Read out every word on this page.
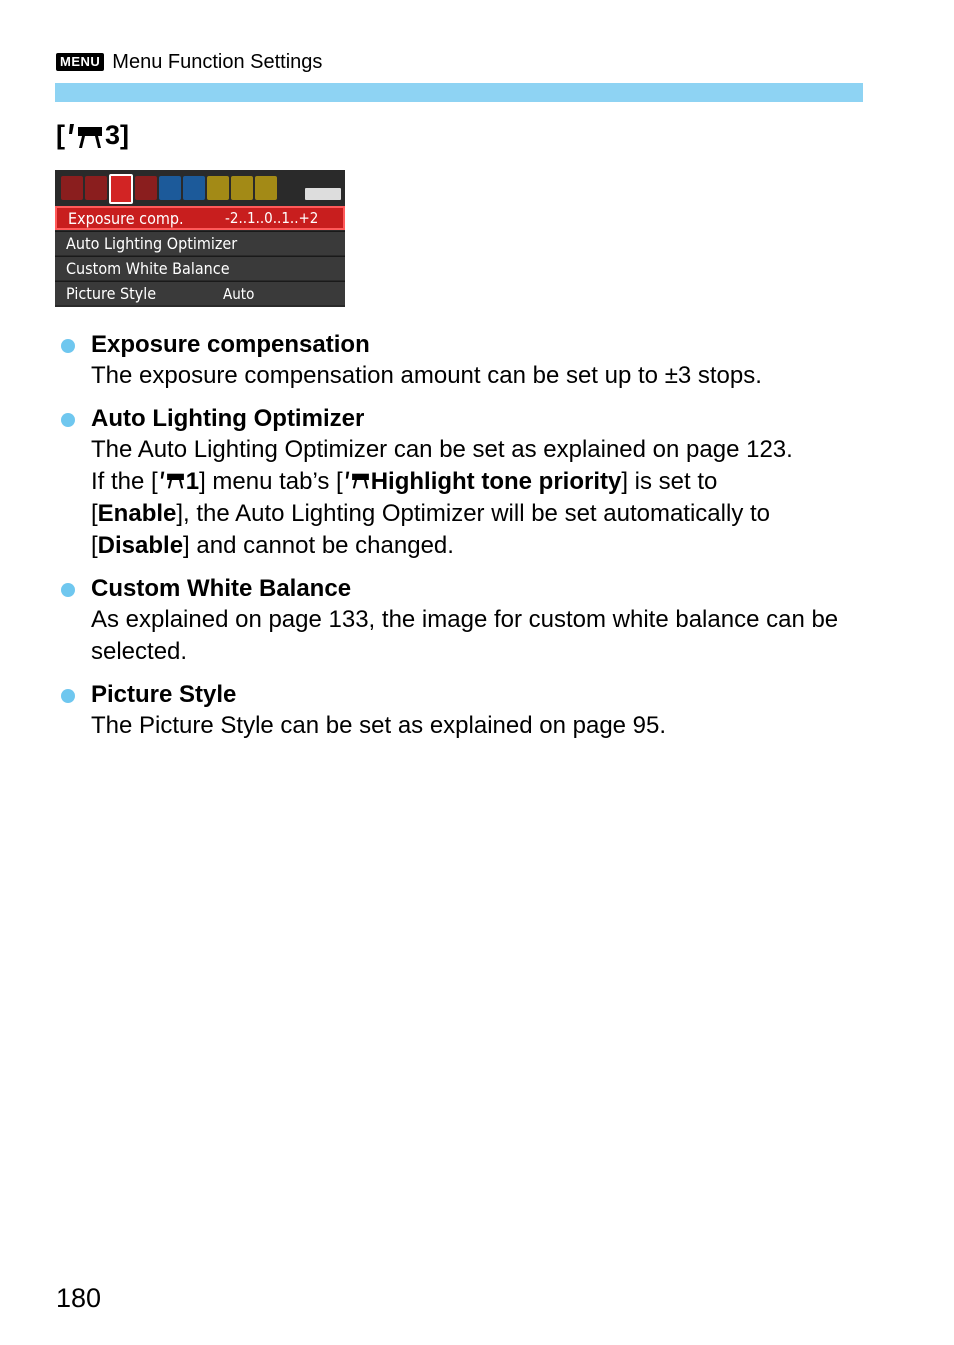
MENU Menu Function Settings
[ 3 ]
Exposure comp.	-2..1..0..1..+2
Auto Lighting Optimizer
Custom White Balance
Picture Style	Auto
Exposure compensation
The exposure compensation amount can be set up to ±3 stops.
Auto Lighting Optimizer
The Auto Lighting Optimizer can be set as explained on page 123.
If the [ 1] menu tab’s [ Highlight tone priority] is set to
[Enable], the Auto Lighting Optimizer will be set automatically to
[Disable] and cannot be changed.
Custom White Balance
As explained on page 133, the image for custom white balance can be selected.
Picture Style
The Picture Style can be set as explained on page 95.
180
